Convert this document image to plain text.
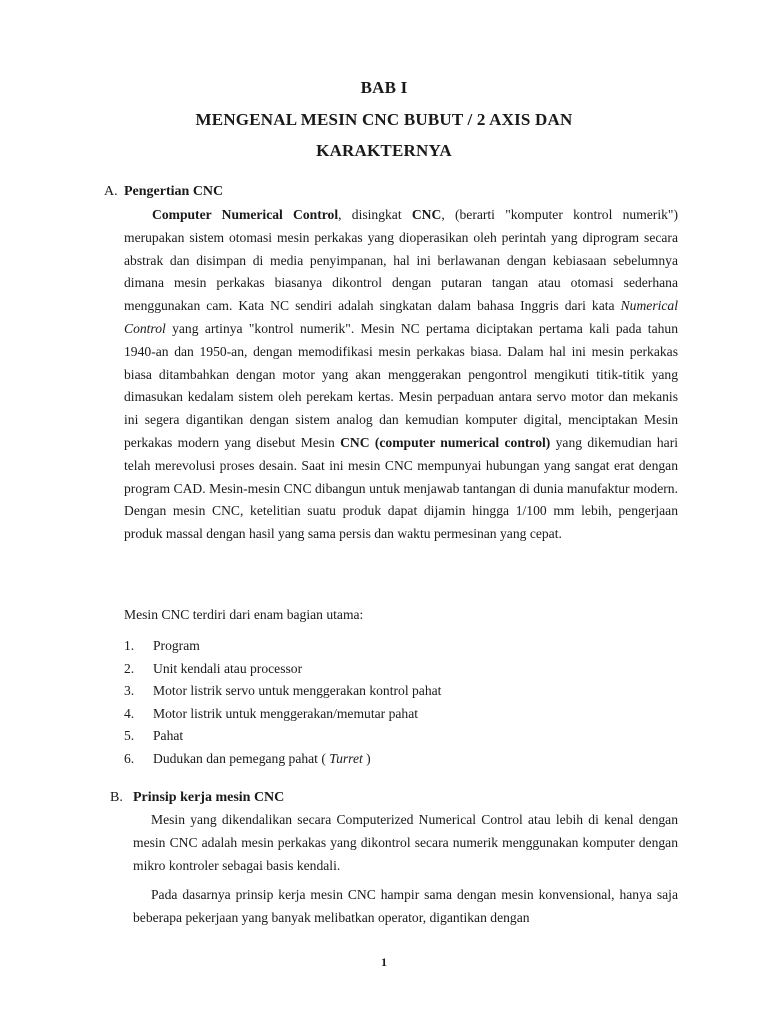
BAB I
MENGENAL MESIN CNC BUBUT / 2 AXIS DAN
KARAKTERNYA
A. Pengertian CNC

Computer Numerical Control, disingkat CNC, (berarti "komputer kontrol numerik") merupakan sistem otomasi mesin perkakas yang dioperasikan oleh perintah yang diprogram secara abstrak dan disimpan di media penyimpanan, hal ini berlawanan dengan kebiasaan sebelumnya dimana mesin perkakas biasanya dikontrol dengan putaran tangan atau otomasi sederhana menggunakan cam. Kata NC sendiri adalah singkatan dalam bahasa Inggris dari kata Numerical Control yang artinya "kontrol numerik". Mesin NC pertama diciptakan pertama kali pada tahun 1940-an dan 1950-an, dengan memodifikasi mesin perkakas biasa. Dalam hal ini mesin perkakas biasa ditambahkan dengan motor yang akan menggerakan pengontrol mengikuti titik-titik yang dimasukan kedalam sistem oleh perekam kertas. Mesin perpaduan antara servo motor dan mekanis ini segera digantikan dengan sistem analog dan kemudian komputer digital, menciptakan Mesin perkakas modern yang disebut Mesin CNC (computer numerical control) yang dikemudian hari telah merevolusi proses desain. Saat ini mesin CNC mempunyai hubungan yang sangat erat dengan program CAD. Mesin-mesin CNC dibangun untuk menjawab tantangan di dunia manufaktur modern. Dengan mesin CNC, ketelitian suatu produk dapat dijamin hingga 1/100 mm lebih, pengerjaan produk massal dengan hasil yang sama persis dan waktu permesinan yang cepat.

Mesin CNC terdiri dari enam bagian utama:
1. Program
2. Unit kendali atau processor
3. Motor listrik servo untuk menggerakan kontrol pahat
4. Motor listrik untuk menggerakan/memutar pahat
5. Pahat
6. Dudukan dan pemegang pahat ( Turret )
B. Prinsip kerja mesin CNC

Mesin yang dikendalikan secara Computerized Numerical Control atau lebih di kenal dengan mesin CNC adalah mesin perkakas yang dikontrol secara numerik menggunakan komputer dengan mikro kontroler sebagai basis kendali.

Pada dasarnya prinsip kerja mesin CNC hampir sama dengan mesin konvensional, hanya saja beberapa pekerjaan yang banyak melibatkan operator, digantikan dengan

1
